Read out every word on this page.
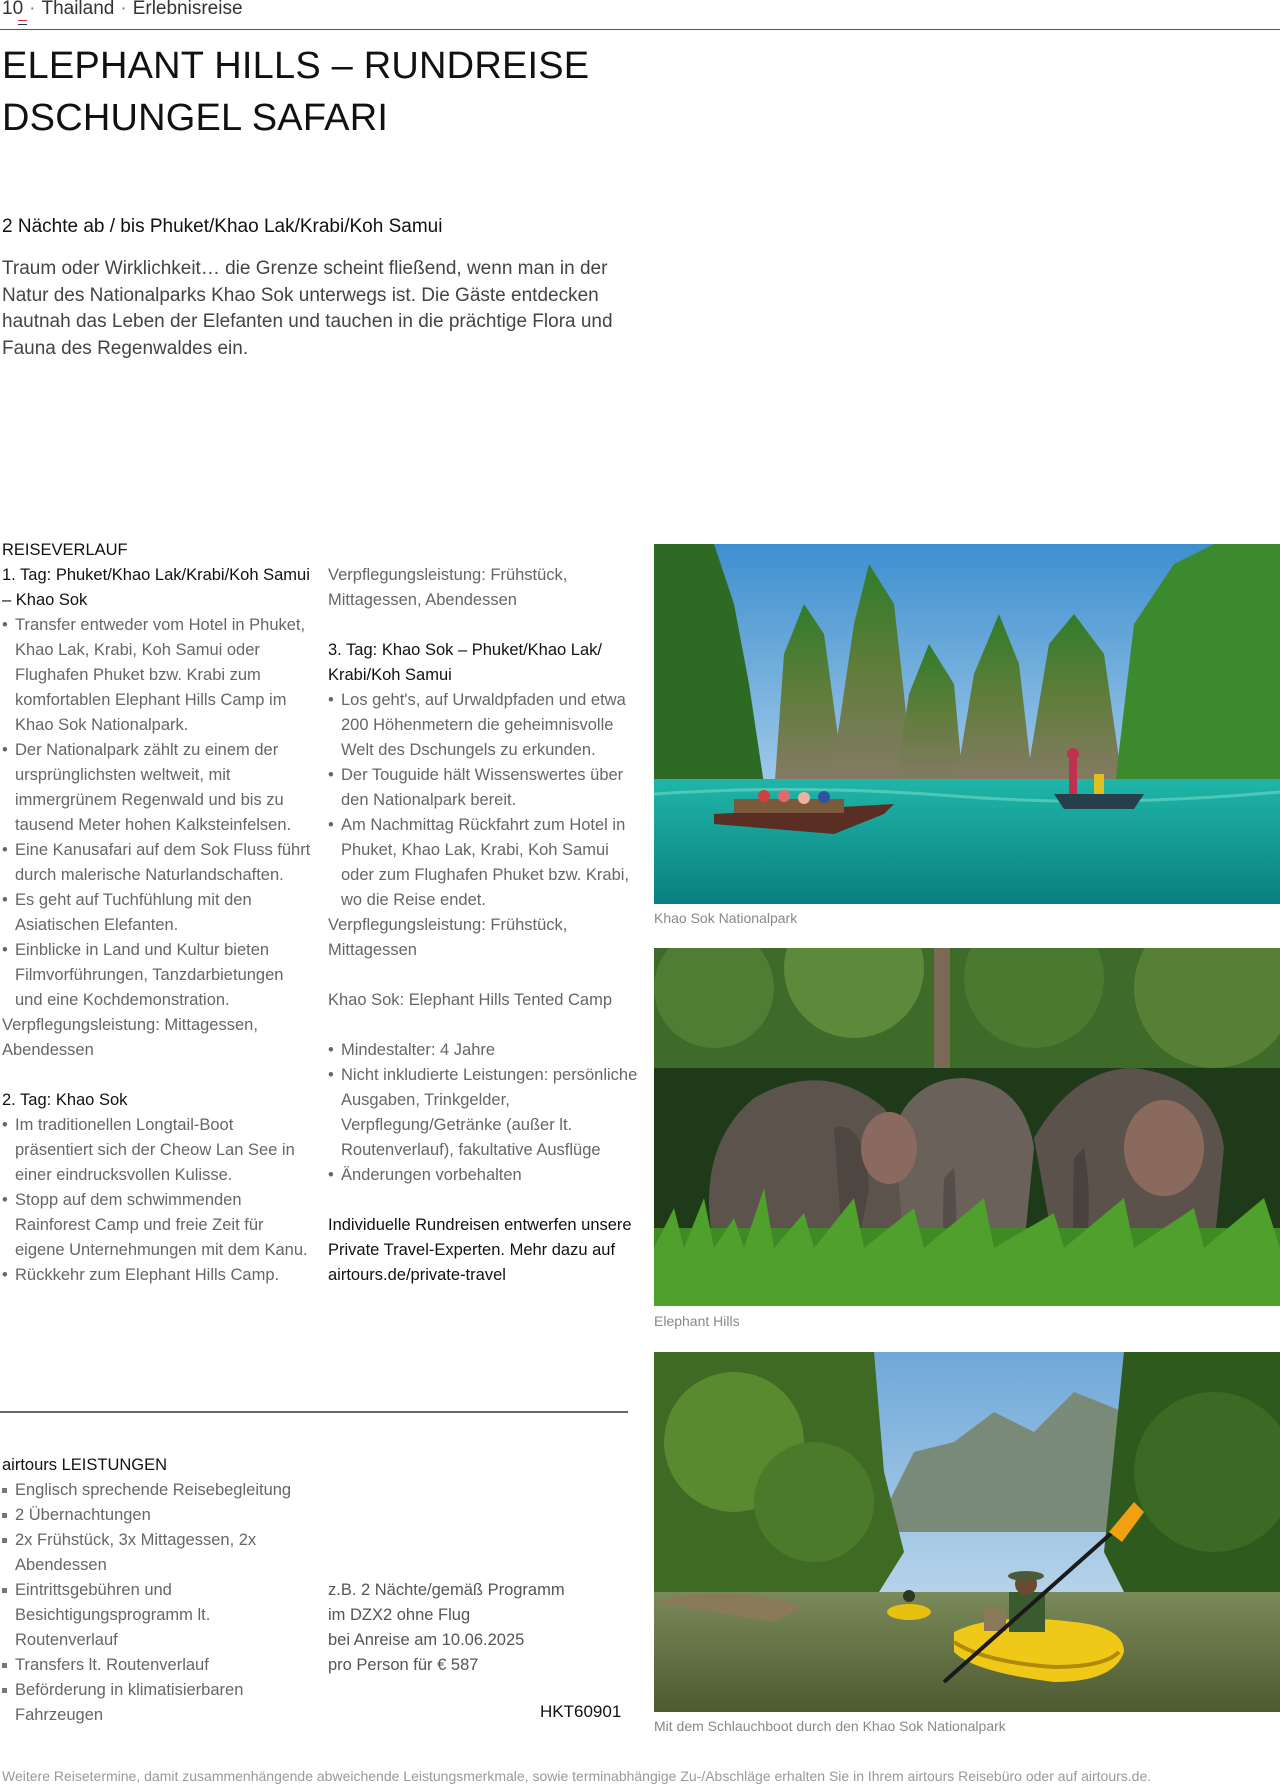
10 · Thailand · Erlebnisreise
ELEPHANT HILLS – RUNDREISE
DSCHUNGEL SAFARI
2 Nächte ab / bis Phuket/Khao Lak/Krabi/Koh Samui
Traum oder Wirklichkeit… die Grenze scheint fließend, wenn man in der Natur des Nationalparks Khao Sok unterwegs ist. Die Gäste entdecken hautnah das Leben der Elefanten und tauchen in die prächtige Flora und Fauna des Regenwaldes ein.
REISEVERLAUF
1. Tag: Phuket/Khao Lak/Krabi/Koh Samui – Khao Sok
• Transfer entweder vom Hotel in Phuket, Khao Lak, Krabi, Koh Samui oder Flughafen Phuket bzw. Krabi zum komfortablen Elephant Hills Camp im Khao Sok Nationalpark.
• Der Nationalpark zählt zu einem der ursprünglichsten weltweit, mit immergrünem Regenwald und bis zu tausend Meter hohen Kalksteinfelsen.
• Eine Kanusafari auf dem Sok Fluss führt durch malerische Naturlandschaften.
• Es geht auf Tuchfühlung mit den Asiatischen Elefanten.
• Einblicke in Land und Kultur bieten Filmvorführungen, Tanzdarbietungen und eine Kochdemonstration.
Verpflegungsleistung: Mittagessen, Abendessen
2. Tag: Khao Sok
• Im traditionellen Longtail-Boot präsentiert sich der Cheow Lan See in einer eindrucksvollen Kulisse.
• Stopp auf dem schwimmenden Rainforest Camp und freie Zeit für eigene Unternehmungen mit dem Kanu.
• Rückkehr zum Elephant Hills Camp.
Verpflegungsleistung: Frühstück, Mittagessen, Abendessen
3. Tag: Khao Sok – Phuket/Khao Lak/ Krabi/Koh Samui
• Los geht's, auf Urwaldpfaden und etwa 200 Höhenmetern die geheimnisvolle Welt des Dschungels zu erkunden.
• Der Touguide hält Wissenswertes über den Nationalpark bereit.
• Am Nachmittag Rückfahrt zum Hotel in Phuket, Khao Lak, Krabi, Koh Samui oder zum Flughafen Phuket bzw. Krabi, wo die Reise endet.
Verpflegungsleistung: Frühstück, Mittagessen
Khao Sok: Elephant Hills Tented Camp
• Mindestalter: 4 Jahre
• Nicht inkludierte Leistungen: persönliche Ausgaben, Trinkgelder, Verpflegung/Getränke (außer lt. Routenverlauf), fakultative Ausflüge
• Änderungen vorbehalten
Individuelle Rundreisen entwerfen unsere Private Travel-Experten. Mehr dazu auf airtours.de/private-travel
airtours LEISTUNGEN
Englisch sprechende Reisebegleitung
2 Übernachtungen
2x Frühstück, 3x Mittagessen, 2x Abendessen
Eintrittsgebühren und Besichtigungsprogramm lt. Routenverlauf
Transfers lt. Routenverlauf
Beförderung in klimatisierbaren Fahrzeugen
z.B. 2 Nächte/gemäß Programm
im DZX2 ohne Flug
bei Anreise am 10.06.2025
pro Person für € 587
HKT60901
Khao Sok Nationalpark
Elephant Hills
Mit dem Schlauchboot durch den Khao Sok Nationalpark
Weitere Reisetermine, damit zusammenhängende abweichende Leistungsmerkmale, sowie terminabhängige Zu-/Abschläge erhalten Sie in Ihrem airtours Reisebüro oder auf airtours.de.
